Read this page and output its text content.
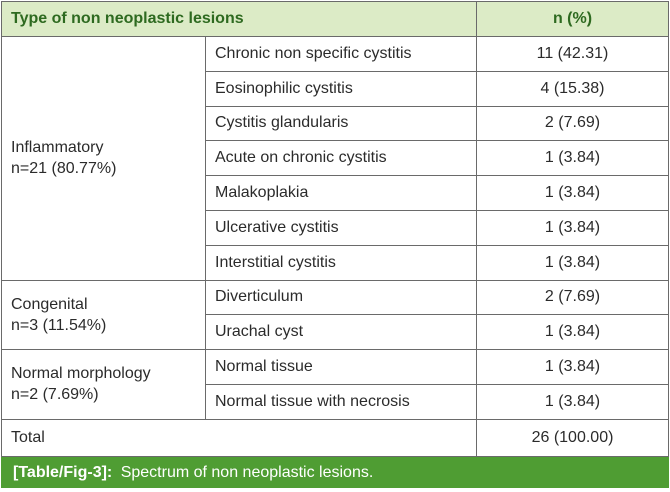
Type of non neoplastic lesions		n (%)
Inflammatory
n=21 (80.77%)	Chronic non specific cystitis	11 (42.31)
	Eosinophilic cystitis	4 (15.38)
	Cystitis glandularis	2 (7.69)
	Acute on chronic cystitis	1 (3.84)
	Malakoplakia	1 (3.84)
	Ulcerative cystitis	1 (3.84)
	Interstitial cystitis	1 (3.84)
Congenital
n=3 (11.54%)	Diverticulum	2 (7.69)
	Urachal cyst	1 (3.84)
Normal morphology
n=2 (7.69%)	Normal tissue	1 (3.84)
	Normal tissue with necrosis	1 (3.84)
Total		26 (100.00)
[Table/Fig-3]: Spectrum of non neoplastic lesions.
